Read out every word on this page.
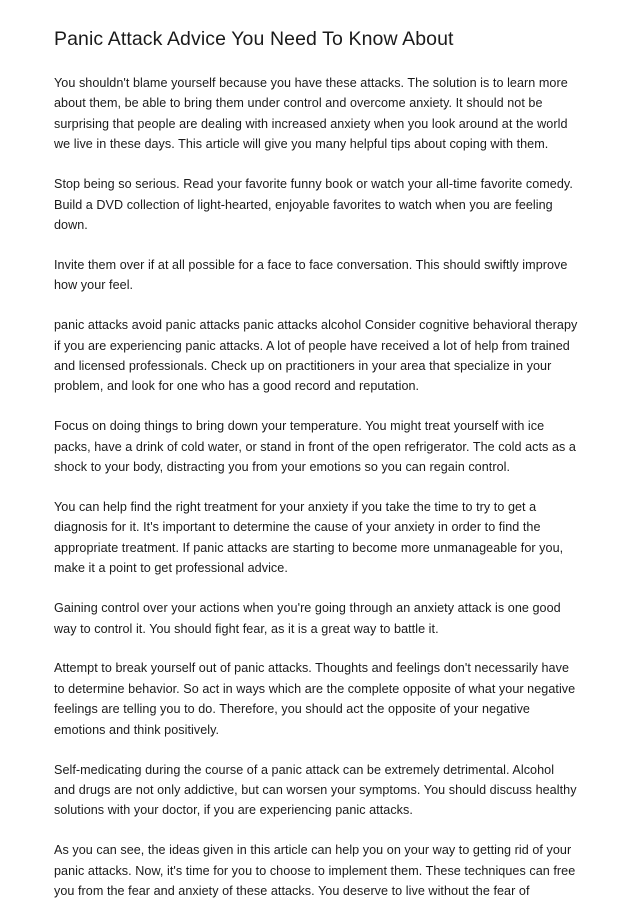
Panic Attack Advice You Need To Know About

You shouldn't blame yourself because you have these attacks. The solution is to learn more
about them, be able to bring them under control and overcome anxiety. It should not be
surprising that people are dealing with increased anxiety when you look around at the world
we live in these days. This article will give you many helpful tips about coping with them.

Stop being so serious. Read your favorite funny book or watch your all-time favorite comedy.
Build a DVD collection of light-hearted, enjoyable favorites to watch when you are feeling
down.

Invite them over if at all possible for a face to face conversation. This should swiftly improve
how your feel.

panic attacks avoid panic attacks panic attacks alcohol Consider cognitive behavioral therapy
if you are experiencing panic attacks. A lot of people have received a lot of help from trained
and licensed professionals. Check up on practitioners in your area that specialize in your
problem, and look for one who has a good record and reputation.

Focus on doing things to bring down your temperature. You might treat yourself with ice
packs, have a drink of cold water, or stand in front of the open refrigerator. The cold acts as a
shock to your body, distracting you from your emotions so you can regain control.

You can help find the right treatment for your anxiety if you take the time to try to get a
diagnosis for it. It's important to determine the cause of your anxiety in order to find the
appropriate treatment. If panic attacks are starting to become more unmanageable for you,
make it a point to get professional advice.

Gaining control over your actions when you're going through an anxiety attack is one good
way to control it. You should fight fear, as it is a great way to battle it.

Attempt to break yourself out of panic attacks. Thoughts and feelings don't necessarily have
to determine behavior. So act in ways which are the complete opposite of what your negative
feelings are telling you to do. Therefore, you should act the opposite of your negative
emotions and think positively.

Self-medicating during the course of a panic attack can be extremely detrimental. Alcohol
and drugs are not only addictive, but can worsen your symptoms. You should discuss healthy
solutions with your doctor, if you are experiencing panic attacks.

As you can see, the ideas given in this article can help you on your way to getting rid of your
panic attacks. Now, it's time for you to choose to implement them. These techniques can free
you from the fear and anxiety of these attacks. You deserve to live without the fear of
